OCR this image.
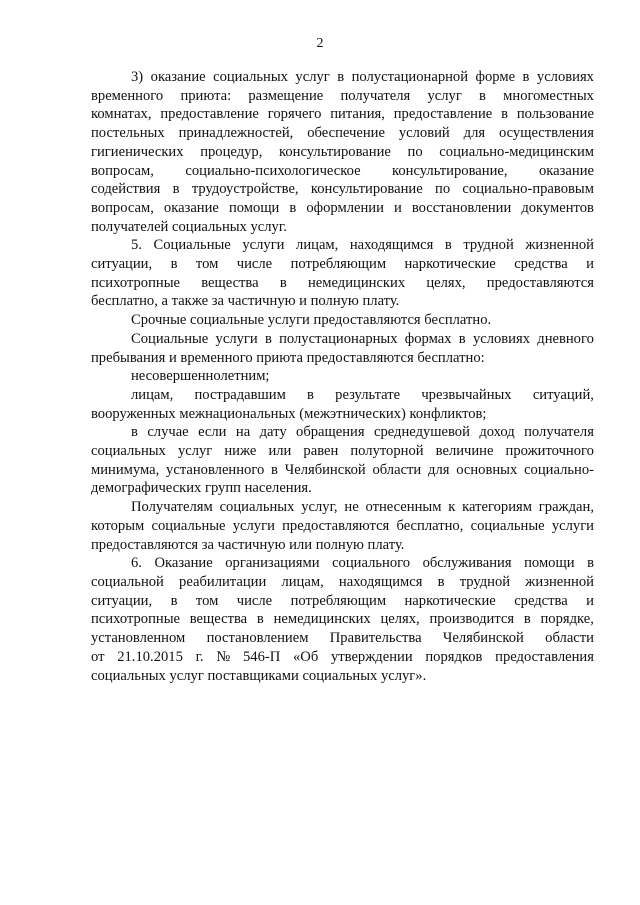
2
3) оказание социальных услуг в полустационарной форме в условиях
временного приюта: размещение получателя услуг в многоместных
комнатах, предоставление горячего питания, предоставление в пользование
постельных принадлежностей, обеспечение условий для осуществления
гигиенических процедур, консультирование по социально-медицинским
вопросам, социально-психологическое консультирование, оказание
содействия в трудоустройстве, консультирование по социально-правовым
вопросам, оказание помощи в оформлении и восстановлении документов
получателей социальных услуг.
5. Социальные услуги лицам, находящимся в трудной жизненной
ситуации, в том числе потребляющим наркотические средства и
психотропные вещества в немедицинских целях, предоставляются
бесплатно, а также за частичную и полную плату.
Срочные социальные услуги предоставляются бесплатно.
Социальные услуги в полустационарных формах в условиях дневного
пребывания и временного приюта предоставляются бесплатно:
несовершеннолетним;
лицам, пострадавшим в результате чрезвычайных ситуаций,
вооруженных межнациональных (межэтнических) конфликтов;
в случае если на дату обращения среднедушевой доход получателя
социальных услуг ниже или равен полуторной величине прожиточного
минимума, установленного в Челябинской области для основных социально-
демографических групп населения.
Получателям социальных услуг, не отнесенным к категориям граждан,
которым социальные услуги предоставляются бесплатно, социальные услуги
предоставляются за частичную или полную плату.
6. Оказание организациями социального обслуживания помощи в
социальной реабилитации лицам, находящимся в трудной жизненной
ситуации, в том числе потребляющим наркотические средства и
психотропные вещества в немедицинских целях, производится в порядке,
установленном постановлением Правительства Челябинской области
от 21.10.2015 г. № 546-П «Об утверждении порядков предоставления
социальных услуг поставщиками социальных услуг».
